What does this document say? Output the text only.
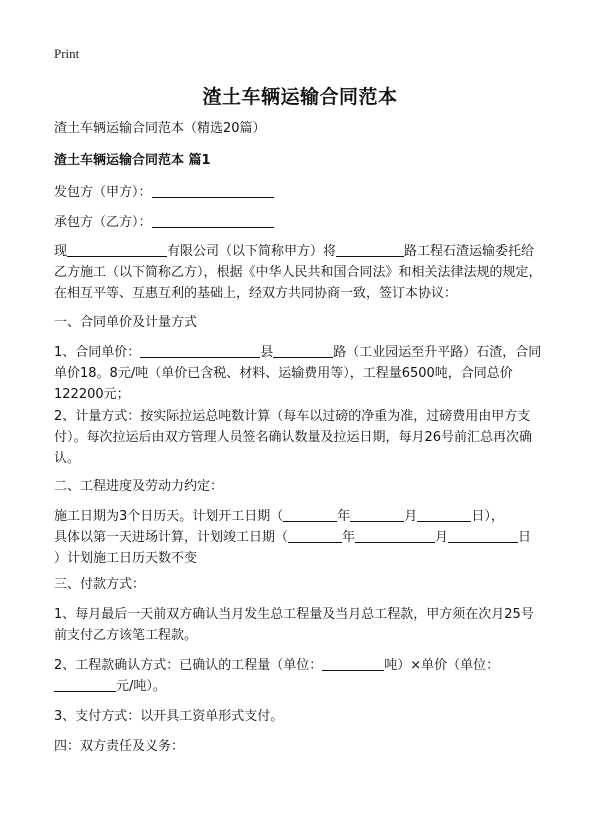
Print
渣土车辆运输合同范本
渣土车辆运输合同范本（精选20篇）
渣土车辆运输合同范本 篇1
发包方（甲方）：
承包方（乙方）：
现	有限公司（以下简称甲方）将	路工程石渣运输委托给乙方施工（以下简称乙方），根据《中华人民共和国合同法》和相关法律法规的规定，在相互平等、互惠互利的基础上，经双方共同协商一致，签订本协议：
一、合同单价及计量方式
1、合同单价：	县	路（工业园运至升平路）石渣，合同单价18。8元/吨（单价已含税、材料、运输费用等），工程量6500吨，合同总价122200元；
2、计量方式：按实际拉运总吨数计算（每车以过磅的净重为准，过磅费用由甲方支付）。每次拉运后由双方管理人员签名确认数量及拉运日期，每月26号前汇总再次确认。
二、工程进度及劳动力约定：
施工日期为3个日历天。计划开工日期（	年	月	日），
具体以第一天进场计算，计划竣工日期（	年	月	日
）计划施工日历天数不变
三、付款方式：
1、每月最后一天前双方确认当月发生总工程量及当月总工程款，甲方须在次月25号前支付乙方该笔工程款。
2、工程款确认方式：已确认的工程量（单位：	吨）×单价（单位：
元/吨）。
3、支付方式：以开具工资单形式支付。
四：双方责任及义务：
